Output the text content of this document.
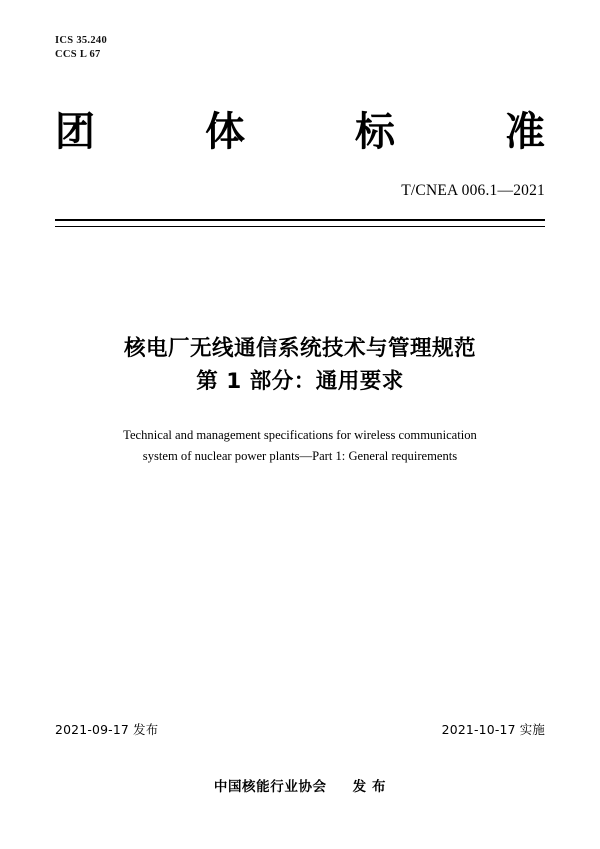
ICS 35.240
CCS L 67
团	体	标	准
T/CNEA 006.1—2021
核电厂无线通信系统技术与管理规范
第 1 部分：通用要求
Technical and management specifications for wireless communication
system of nuclear power plants—Part 1: General requirements
2021-09-17 发布	2021-10-17 实施
中国核能行业协会 发 布
